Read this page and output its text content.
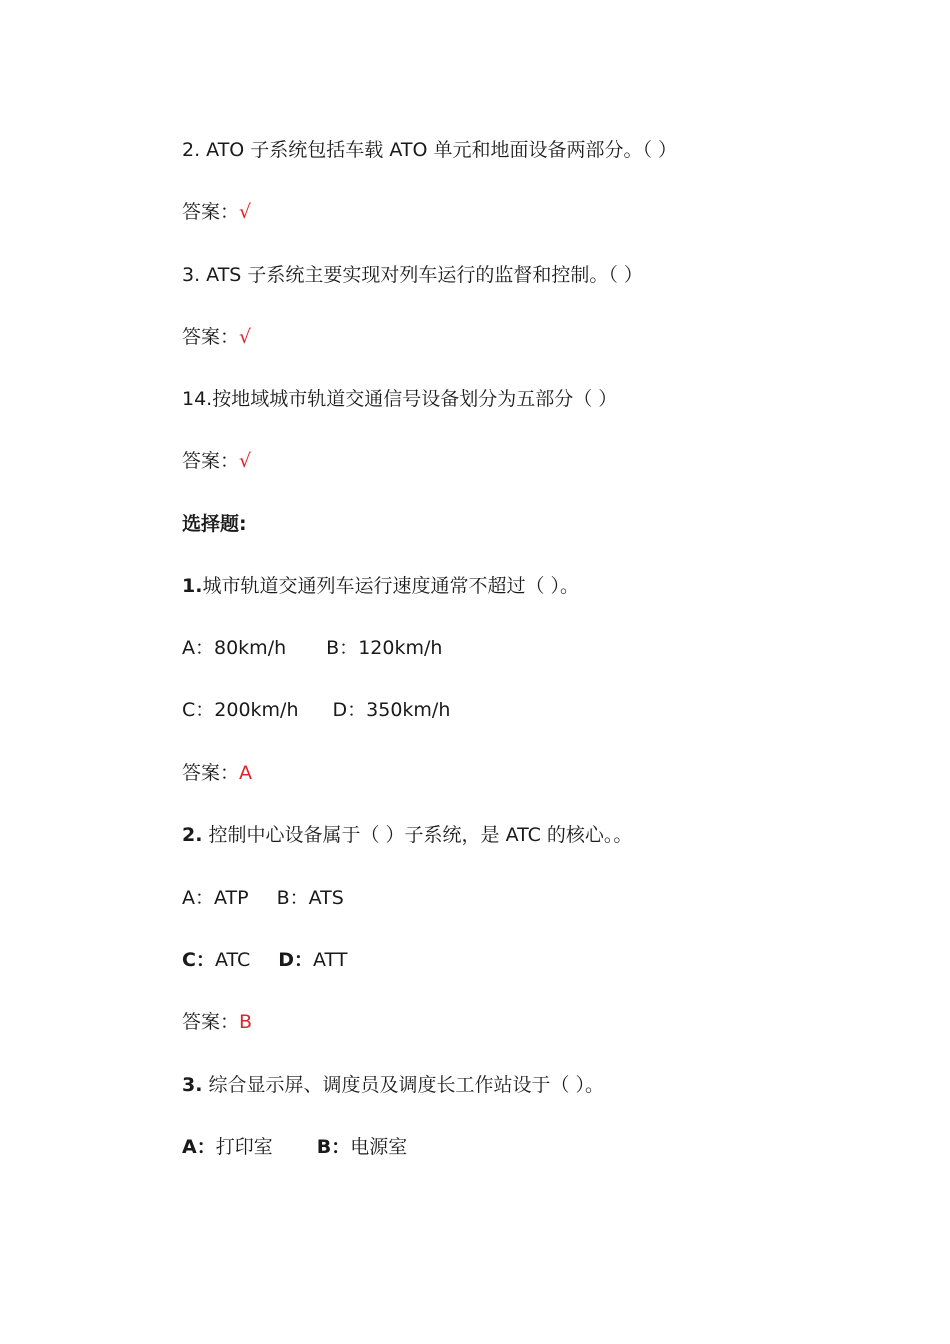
2. ATO 子系统包括车载 ATO 单元和地面设备两部分。（ ）
答案：√
3. ATS 子系统主要实现对列车运行的监督和控制。（ ）
答案：√
14.按地域城市轨道交通信号设备划分为五部分（ ）
答案：√
选择题:
1.城市轨道交通列车运行速度通常不超过（ ）。
A：80km/h B：120km/h
C：200km/h D：350km/h
答案：A
2. 控制中心设备属于（ ）子系统，是 ATC 的核心。。
A：ATP B：ATS
C：ATC D：ATT
答案：B
3. 综合显示屏、调度员及调度长工作站设于（ ）。
A：打印室 B：电源室
